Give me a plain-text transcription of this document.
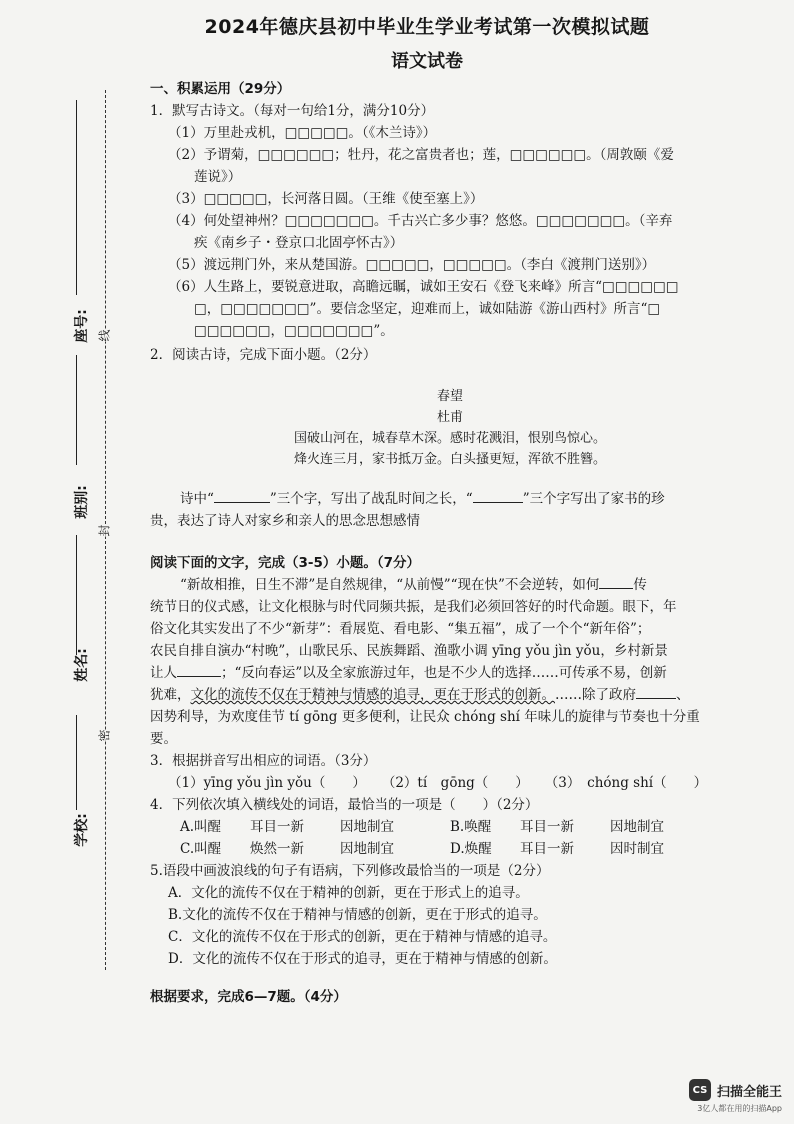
2024年德庆县初中毕业生学业考试第一次模拟试题
语文试卷
线
封
密
座号:
班别:
姓名:
学校:
一、积累运用（29分）

1．默写古诗文。（每对一句给1分，满分10分）

（1）万里赴戎机，□□□□□。（《木兰诗》）

（2）予谓菊，□□□□□□；牡丹，花之富贵者也；莲，□□□□□□。（周敦颐《爱

莲说》）

（3）□□□□□，长河落日圆。（王维《使至塞上》）

（4）何处望神州？□□□□□□□。千古兴亡多少事？悠悠。□□□□□□□。（辛弃

疾《南乡子・登京口北固亭怀古》）

（5）渡远荆门外，来从楚国游。□□□□□，□□□□□。（李白《渡荆门送别》）

（6）人生路上，要锐意进取，高瞻远瞩，诚如王安石《登飞来峰》所言“□□□□□□

□，□□□□□□□”。要信念坚定，迎难而上，诚如陆游《游山西村》所言“□

□□□□□□，□□□□□□□”。

2．阅读古诗，完成下面小题。（2分）

春望
杜甫
国破山河在，城春草木深。感时花溅泪，恨别鸟惊心。
烽火连三月，家书抵万金。白头搔更短，浑欲不胜簪。

诗中“	”三个字，写出了战乱时间之长，“	”三个字写出了家书的珍

贵，表达了诗人对家乡和亲人的思念思想感情

阅读下面的文字，完成（3-5）小题。（7分）

“新故相推，日生不滞”是自然规律，“从前慢”“现在快”不会逆转，如何	传

统节日的仪式感，让文化根脉与时代同频共振，是我们必须回答好的时代命题。眼下，年

俗文化其实发出了不少“新芽”：看展览、看电影、“集五福”，成了一个个“新年俗”；

农民自排自演办“村晚”，山歌民乐、民族舞蹈、渔歌小调 yīng yǒu jìn yǒu，乡村新景

让人	；“反向春运”以及全家旅游过年，也是不少人的选择……可传承不易，创新

犹难，文化的流传不仅在于精神与情感的追寻，更在于形式的创新。……除了政府	、

因势利导，为欢度佳节 tí gōng 更多便利，让民众 chóng shí 年味儿的旋律与节奏也十分重

要。

3．根据拼音写出相应的词语。（3分）

（1）yīng yǒu jìn yǒu（　　） （2）tí　gōng（　　） （3）　chóng shí（　　）

4．下列依次填入横线处的词语，最恰当的一项是（　　）（2分）

A.叫醒	耳目一新	因地制宜	B.唤醒	耳目一新	因地制宜
C.叫醒	焕然一新	因地制宜	D.焕醒	耳目一新	因时制宜

5.语段中画波浪线的句子有语病，下列修改最恰当的一项是（2分）

A．文化的流传不仅在于精神的创新，更在于形式上的追寻。

B.文化的流传不仅在于精神与情感的创新，更在于形式的追寻。

C．文化的流传不仅在于形式的创新，更在于精神与情感的追寻。

D．文化的流传不仅在于形式的追寻，更在于精神与情感的创新。

根据要求，完成6—7题。（4分）

CS 扫描全能王
3亿人都在用的扫描App
